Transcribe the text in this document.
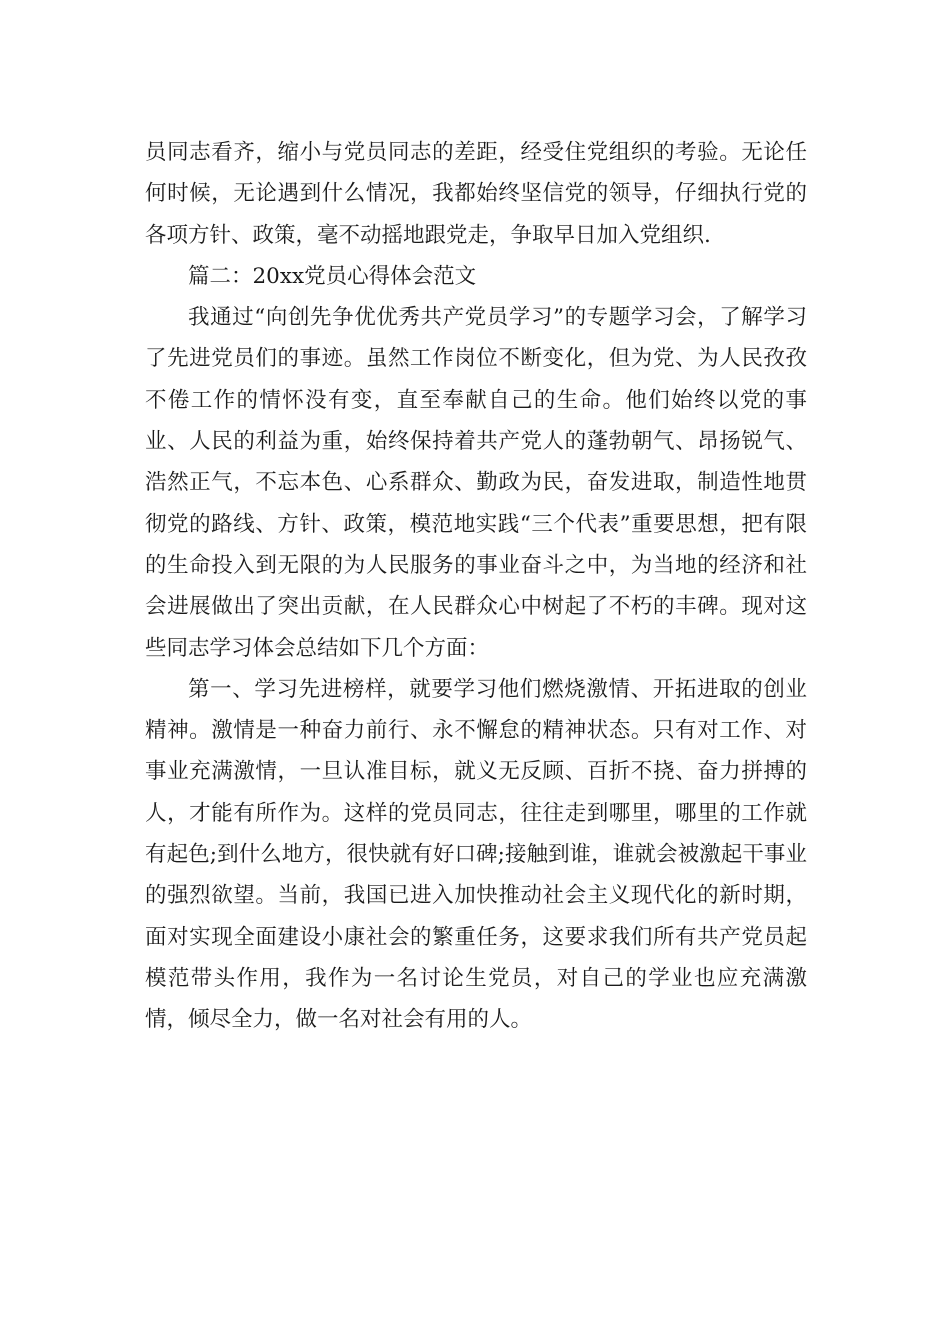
员同志看齐，缩小与党员同志的差距，经受住党组织的考验。无论任何时候，无论遇到什么情况，我都始终坚信党的领导，仔细执行党的各项方针、政策，毫不动摇地跟党走，争取早日加入党组织.

篇二：20xx党员心得体会范文

我通过“向创先争优优秀共产党员学习”的专题学习会，了解学习了先进党员们的事迹。虽然工作岗位不断变化，但为党、为人民孜孜不倦工作的情怀没有变，直至奉献自己的生命。他们始终以党的事业、人民的利益为重，始终保持着共产党人的蓬勃朝气、昂扬锐气、浩然正气，不忘本色、心系群众、勤政为民，奋发进取，制造性地贯彻党的路线、方针、政策，模范地实践“三个代表”重要思想，把有限的生命投入到无限的为人民服务的事业奋斗之中，为当地的经济和社会进展做出了突出贡献，在人民群众心中树起了不朽的丰碑。现对这些同志学习体会总结如下几个方面：

第一、学习先进榜样，就要学习他们燃烧激情、开拓进取的创业精神。激情是一种奋力前行、永不懈怠的精神状态。只有对工作、对事业充满激情，一旦认准目标，就义无反顾、百折不挠、奋力拼搏的人，才能有所作为。这样的党员同志，往往走到哪里，哪里的工作就有起色;到什么地方，很快就有好口碑;接触到谁，谁就会被激起干事业的强烈欲望。当前，我国已进入加快推动社会主义现代化的新时期，面对实现全面建设小康社会的繁重任务，这要求我们所有共产党员起模范带头作用，我作为一名讨论生党员，对自己的学业也应充满激情，倾尽全力，做一名对社会有用的人。
